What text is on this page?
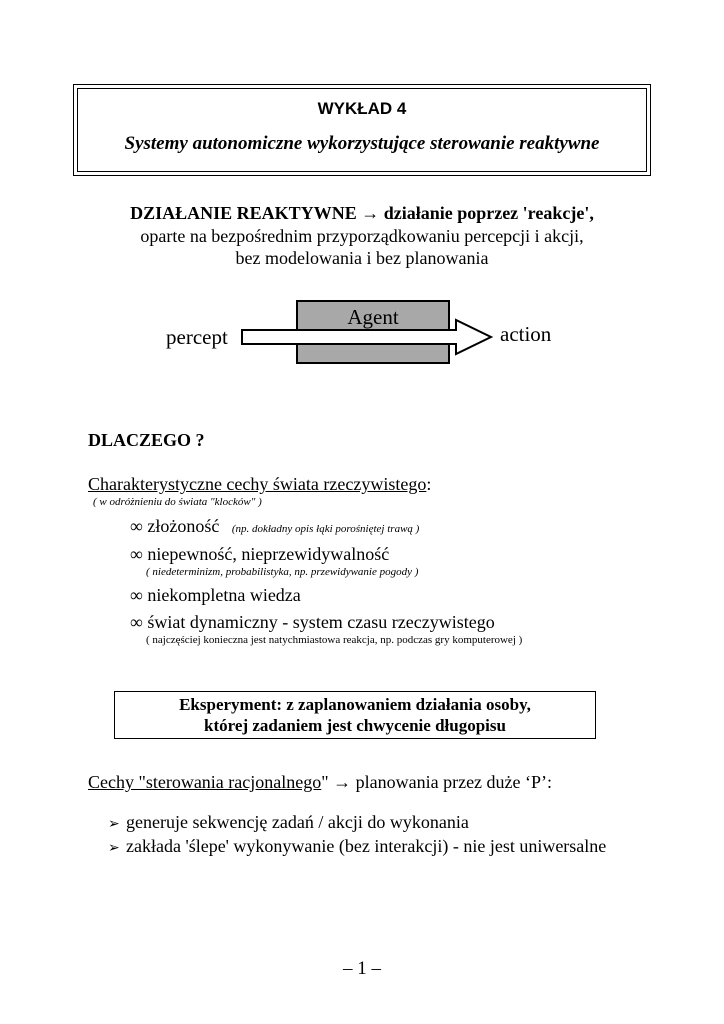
WYKŁAD 4
Systemy autonomiczne wykorzystujące sterowanie reaktywne
DZIAŁANIE REAKTYWNE → działanie poprzez 'reakcje',
oparte na bezpośrednim przyporządkowaniu percepcji i akcji,
bez modelowania i bez planowania
Agent
percept	action
DLACZEGO ?
Charakterystyczne cechy świata rzeczywistego:
( w odróżnieniu do świata "klocków" )
∞ złożoność (np. dokładny opis łąki porośniętej trawą )
∞ niepewność, nieprzewidywalność
( niedeterminizm, probabilistyka, np. przewidywanie pogody )
∞ niekompletna wiedza
∞ świat dynamiczny - system czasu rzeczywistego
( najczęściej konieczna jest natychmiastowa reakcja, np. podczas gry komputerowej )
Eksperyment: z zaplanowaniem działania osoby,
której zadaniem jest chwycenie długopisu
Cechy "sterowania racjonalnego" → planowania przez duże ‘P’:
➢ generuje sekwencję zadań / akcji do wykonania
➢ zakłada 'ślepe' wykonywanie (bez interakcji) - nie jest uniwersalne
– 1 –
